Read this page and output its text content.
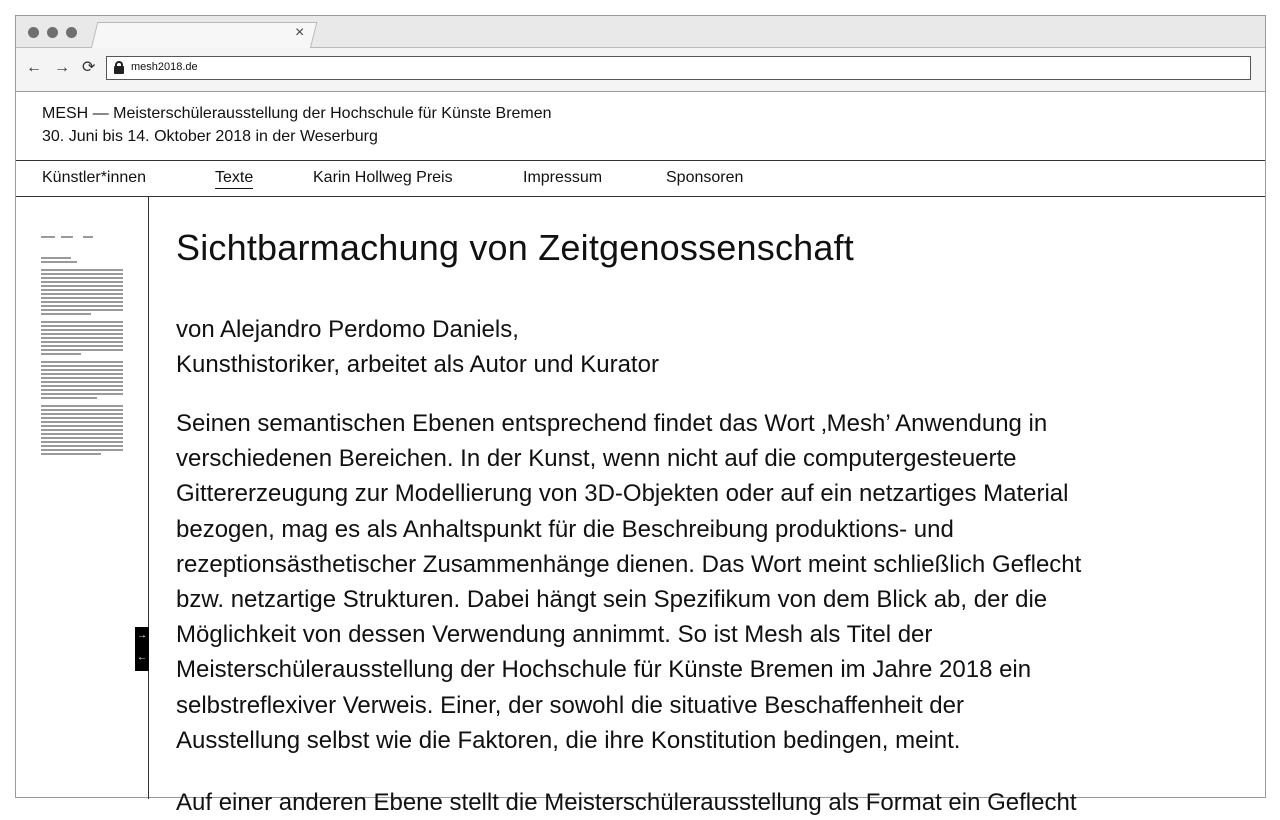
×
← → ⟳	mesh2018.de
MESH — Meisterschülerausstellung der Hochschule für Künste Bremen
30. Juni bis 14. Oktober 2018 in der Weserburg
Künstler*innen	Texte	Karin Hollweg Preis	Impressum	Sponsoren
→
←
Sichtbarmachung von Zeitgenossenschaft
von Alejandro Perdomo Daniels,
Kunsthistoriker, arbeitet als Autor und Kurator
Seinen semantischen Ebenen entsprechend findet das Wort ‚Mesh’ Anwendung in
verschiedenen Bereichen. In der Kunst, wenn nicht auf die computergesteuerte
Gittererzeugung zur Modellierung von 3D-Objekten oder auf ein netzartiges Material
bezogen, mag es als Anhaltspunkt für die Beschreibung produktions- und
rezeptionsästhetischer Zusammenhänge dienen. Das Wort meint schließlich Geflecht
bzw. netzartige Strukturen. Dabei hängt sein Spezifikum von dem Blick ab, der die
Möglichkeit von dessen Verwendung annimmt. So ist Mesh als Titel der
Meisterschülerausstellung der Hochschule für Künste Bremen im Jahre 2018 ein
selbstreflexiver Verweis. Einer, der sowohl die situative Beschaffenheit der
Ausstellung selbst wie die Faktoren, die ihre Konstitution bedingen, meint.
Auf einer anderen Ebene stellt die Meisterschülerausstellung als Format ein Geflecht
